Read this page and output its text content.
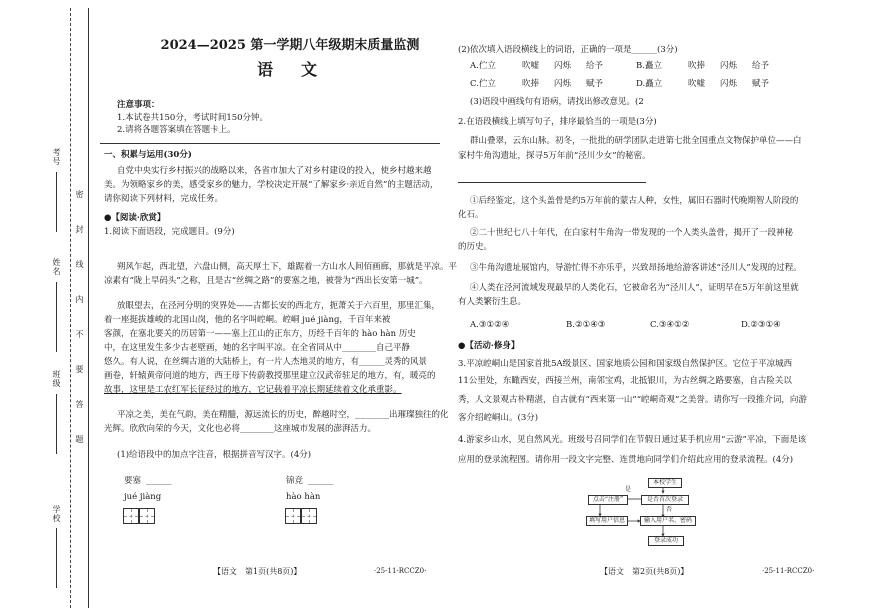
考号
姓名
班级
学校
密
封
线
内
不
要
答
题
2024—2025 第一学期八年级期末质量监测
语　文
注意事项：
1.本试卷共150分，考试时间150分钟。
2.请将各题答案填在答题卡上。
一、积累与运用(30分)
自党中央实行乡村振兴的战略以来，各省市加大了对乡村建设的投入，使乡村越来越
美。为领略家乡的美，感受家乡的魅力，学校决定开展“了解家乡·亲近自然”的主题活动，
请你阅读下列材料，完成任务。
●【阅读·欣赏】
1.阅读下面语段，完成题目。(9分)
朔风乍起，西北望，六盘山侧，高天厚土下，雄踞着一方山水人间佰画廊，那就是平凉。平
凉素有“陇上旱码头”之称，且是古“丝绸之路”的要塞之地，被誉为“西出长安第一城”。
放眼望去，在泾河分明的突界处——古都长安的西北方，扼萧关于六百里，那里汇集，
着一座挺拔雄峻的北国山岗，他的名字叫崆峒。崆峒 jué jiàng，千百年来被
客颜，在塞北要关的历居第一——塞上江山的正东方，历经千百年的 hào hàn 历史
中，在这里发生多少古老壁画，她的名字叫平凉。在全省同从中________自己平静
悠久。有人说，在丝绸古道的大陆桥上，有一片人杰地灵的地方，有______灵秀的风景
画卷，轩辕黄帝问道的地方，西王母下传蔚教授那里建立汉武帝驻足的地方，有，暖亮的
故事，这里是工农红军长征经过的地方，它记载着平凉长期延续着文化承重影。
平凉之美，美在气韵，美在精髓，源远流长的历史，醉越时空，________出璀璨独往的化
光辉。欣欣向荣的今天，文化也必将________这座城市发展的澎湃活力。
(1)给语段中的加点字注音，根据拼音写汉字。(4分)
要塞 ______
jué jiàng
锦竞 ______
hào hàn
【语文　第1页(共8页)】	·25-11-RCCZ0·
(2)依次填入语段横线上的词语，正确的一项是______(3分)
A.伫立	吹嘘	闪烁	给予	B.矗立	吹捧	闪烁	给予
C.伫立	吹捧	闪烁	赋予	D.矗立	吹嘘	闪烁	赋予
(3)语段中画线句有语病，请找出修改意见。(2
2.在语段横线上填写句子，排序最恰当的一项是(3分)
群山叠翠，云东山脉。初冬，一批批的研学团队走进第七批全国重点文物保护单位——白
家村牛角沟遗址，探寻5万年前“泾川少女”的秘密。
①后经鉴定，这个头盖骨是约5万年前的蒙古人种，女性，属旧石器时代晚期智人阶段的
化石。
②二十世纪七八十年代，在白家村牛角沟一带发现的一个人类头盖骨，揭开了一段神秘
的历史。
③牛角沟遗址展馆内，导游忙得不亦乐乎，兴致昂扬地给游客讲述“泾川人”发现的过程。
④人类在泾河流域发现最早的人类化石，它被命名为“泾川人”，证明早在5万年前这里就
有人类繁衍生息。
A.③①②④	B.②①④③	C.③④①②	D.②③①④
●【活动·修身】
3.平凉崆峒山是国家首批5A级景区、国家地质公园和国家级自然保护区。它位于平凉城西
11公里处，东瞰西安，西接兰州，南邻宝鸡，北抵银川，为古丝绸之路要塞，自古险关以
秀，人文景观古朴精湛，自古就有“西来第一山”“崆峒奇观”之美誉。请你写一段推介词，向游
客介绍崆峒山。(3分)
4.游家乡山水，见自然风光。班级号召同学们在节假日通过某手机应用“云游”平凉，下面是该
应用的登录流程图。请你用一段文字完整、连贯地向同学们介绍此应用的登录流程。(4分)
本校学生
点击“注册”	是否首次登录
是
否
填写用户信息	输入用户名、密码
登录成功
【语文　第2页(共8页)】	·25-11-RCCZ0·
